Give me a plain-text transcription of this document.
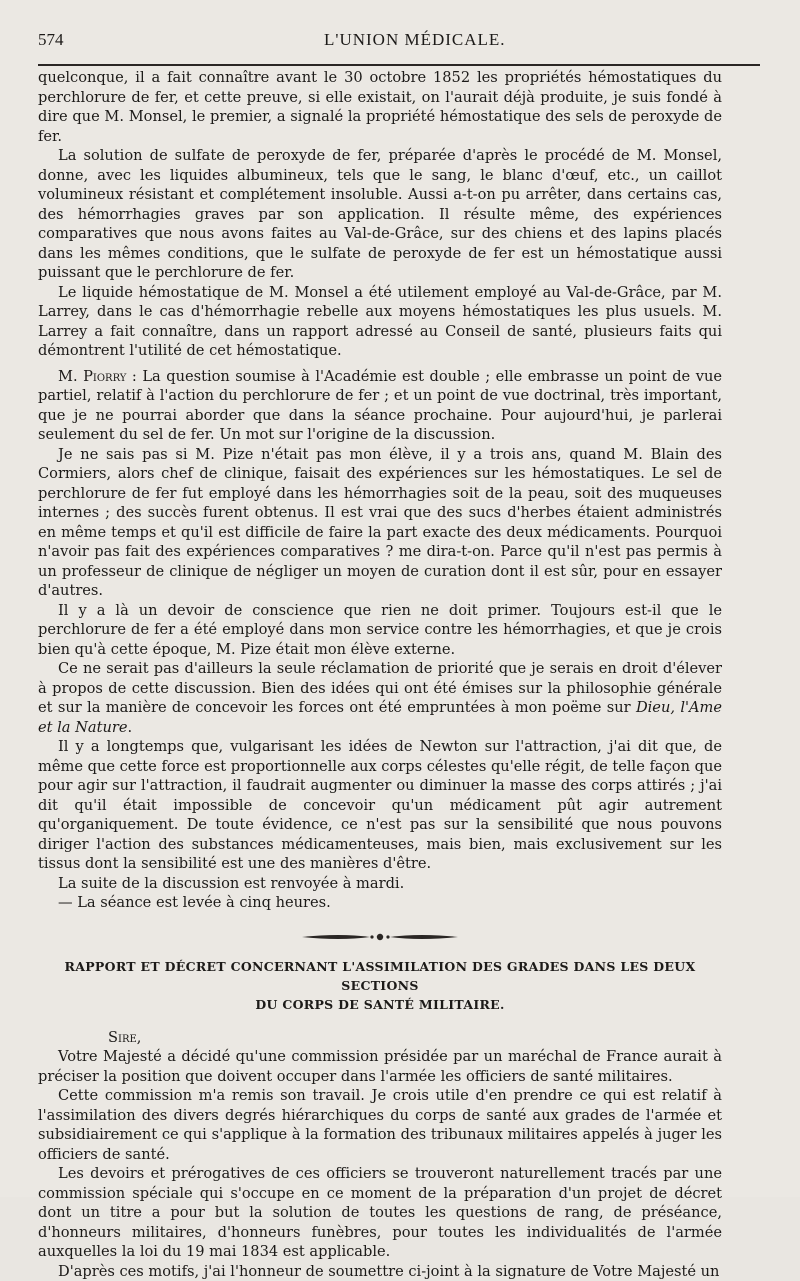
574	L'UNION MÉDICALE.

quelconque, il a fait connaître avant le 30 octobre 1852 les propriétés hémostatiques du perchlorure de fer, et cette preuve, si elle existait, on l'aurait déjà produite, je suis fondé à dire que M. Monsel, le premier, a signalé la propriété hémostatique des sels de peroxyde de fer.

La solution de sulfate de peroxyde de fer, préparée d'après le procédé de M. Monsel, donne, avec les liquides albumineux, tels que le sang, le blanc d'œuf, etc., un caillot volumineux résistant et complétement insoluble. Aussi a-t-on pu arrêter, dans certains cas, des hémorrhagies graves par son application. Il résulte même, des expériences comparatives que nous avons faites au Val-de-Grâce, sur des chiens et des lapins placés dans les mêmes conditions, que le sulfate de peroxyde de fer est un hémostatique aussi puissant que le perchlorure de fer.

Le liquide hémostatique de M. Monsel a été utilement employé au Val-de-Grâce, par M. Larrey, dans le cas d'hémorrhagie rebelle aux moyens hémostatiques les plus usuels. M. Larrey a fait connaître, dans un rapport adressé au Conseil de santé, plusieurs faits qui démontrent l'utilité de cet hémostatique.

M. Piorry : La question soumise à l'Académie est double ; elle embrasse un point de vue partiel, relatif à l'action du perchlorure de fer ; et un point de vue doctrinal, très important, que je ne pourrai aborder que dans la séance prochaine. Pour aujourd'hui, je parlerai seulement du sel de fer. Un mot sur l'origine de la discussion.

Je ne sais pas si M. Pize n'était pas mon élève, il y a trois ans, quand M. Blain des Cormiers, alors chef de clinique, faisait des expériences sur les hémostatiques. Le sel de perchlorure de fer fut employé dans les hémorrhagies soit de la peau, soit des muqueuses internes ; des succès furent obtenus. Il est vrai que des sucs d'herbes étaient administrés en même temps et qu'il est difficile de faire la part exacte des deux médicaments. Pourquoi n'avoir pas fait des expériences comparatives ? me dira-t-on. Parce qu'il n'est pas permis à un professeur de clinique de négliger un moyen de curation dont il est sûr, pour en essayer d'autres.

Il y a là un devoir de conscience que rien ne doit primer. Toujours est-il que le perchlorure de fer a été employé dans mon service contre les hémorrhagies, et que je crois bien qu'à cette époque, M. Pize était mon élève externe.

Ce ne serait pas d'ailleurs la seule réclamation de priorité que je serais en droit d'élever à propos de cette discussion. Bien des idées qui ont été émises sur la philosophie générale et sur la manière de concevoir les forces ont été empruntées à mon poëme sur Dieu, l'Ame et la Nature.

Il y a longtemps que, vulgarisant les idées de Newton sur l'attraction, j'ai dit que, de même que cette force est proportionnelle aux corps célestes qu'elle régit, de telle façon que pour agir sur l'attraction, il faudrait augmenter ou diminuer la masse des corps attirés ; j'ai dit qu'il était impossible de concevoir qu'un médicament pût agir autrement qu'organiquement. De toute évidence, ce n'est pas sur la sensibilité que nous pouvons diriger l'action des substances médicamenteuses, mais bien, mais exclusivement sur les tissus dont la sensibilité est une des manières d'être.

La suite de la discussion est renvoyée à mardi.

— La séance est levée à cinq heures.

RAPPORT ET DÉCRET CONCERNANT L'ASSIMILATION DES GRADES DANS LES DEUX SECTIONS
DU CORPS DE SANTÉ MILITAIRE.

Sire,

Votre Majesté a décidé qu'une commission présidée par un maréchal de France aurait à préciser la position que doivent occuper dans l'armée les officiers de santé militaires.

Cette commission m'a remis son travail. Je crois utile d'en prendre ce qui est relatif à l'assimilation des divers degrés hiérarchiques du corps de santé aux grades de l'armée et subsidiairement ce qui s'applique à la formation des tribunaux militaires appelés à juger les officiers de santé.

Les devoirs et prérogatives de ces officiers se trouveront naturellement tracés par une commission spéciale qui s'occupe en ce moment de la préparation d'un projet de décret dont un titre a pour but la solution de toutes les questions de rang, de préséance, d'honneurs militaires, d'honneurs funèbres, pour toutes les individualités de l'armée auxquelles la loi du 19 mai 1834 est applicable.

D'après ces motifs, j'ai l'honneur de soumettre ci-joint à la signature de Votre Majesté un
